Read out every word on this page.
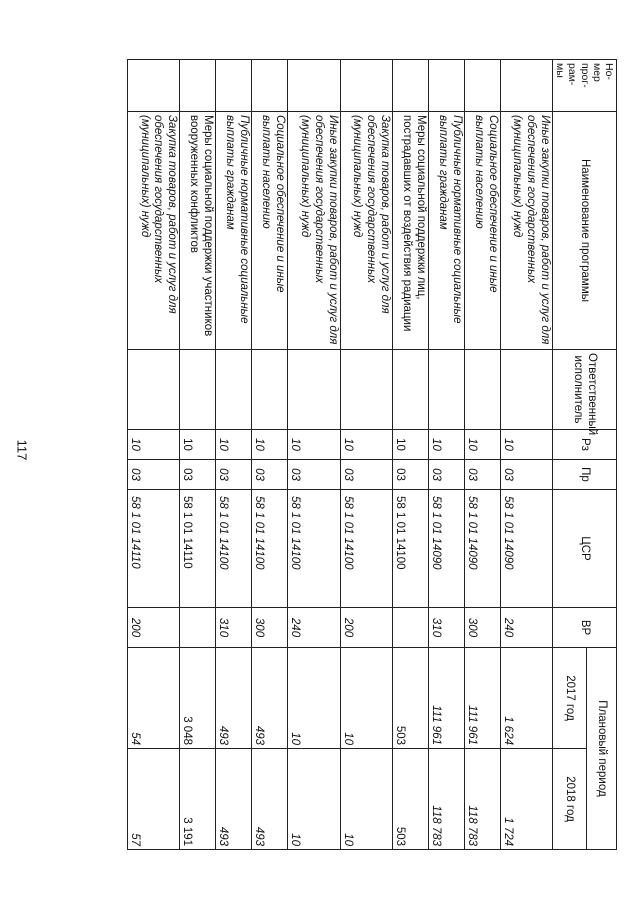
117
Но-
мер
прог-
рам-
мы	Наименование программы	Ответственный исполнитель	Рз	Пр	ЦСР	ВР	Плановый период	
							2017 год	2018 год
	Иные закупки товаров, работ и услуг для обеспечения государственных (муниципальных) нужд		10	03	58 1 01 14090	240	1 624	1 724
	Социальное обеспечение и иные выплаты населению		10	03	58 1 01 14090	300	111 961	118 783
	Публичные нормативные социальные выплаты гражданам		10	03	58 1 01 14090	310	111 961	118 783
	Меры социальной поддержки лиц, пострадавших от воздействия радиации		10	03	58 1 01 14100		503	503
	Закупка товаров, работ и услуг для обеспечения государственных (муниципальных) нужд		10	03	58 1 01 14100	200	10	10
	Иные закупки товаров, работ и услуг для обеспечения государственных (муниципальных) нужд		10	03	58 1 01 14100	240	10	10
	Социальное обеспечение и иные выплаты населению		10	03	58 1 01 14100	300	493	493
	Публичные нормативные социальные выплаты гражданам		10	03	58 1 01 14100	310	493	493
	Меры социальной поддержки участников вооруженных конфликтов		10	03	58 1 01 14110		3 048	3 191
	Закупка товаров, работ и услуг для обеспечения государственных (муниципальных) нужд		10	03	58 1 01 14110	200	54	57
